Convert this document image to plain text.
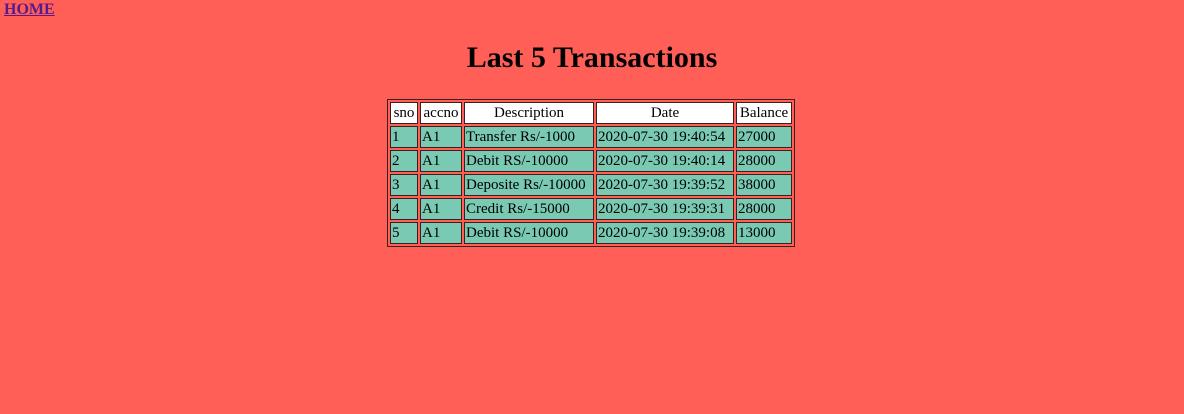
HOME
Last 5 Transactions
sno	accno	Description	Date	Balance
1	A1	Transfer Rs/-1000	2020-07-30 19:40:54	27000
2	A1	Debit RS/-10000	2020-07-30 19:40:14	28000
3	A1	Deposite Rs/-10000	2020-07-30 19:39:52	38000
4	A1	Credit Rs/-15000	2020-07-30 19:39:31	28000
5	A1	Debit RS/-10000	2020-07-30 19:39:08	13000
